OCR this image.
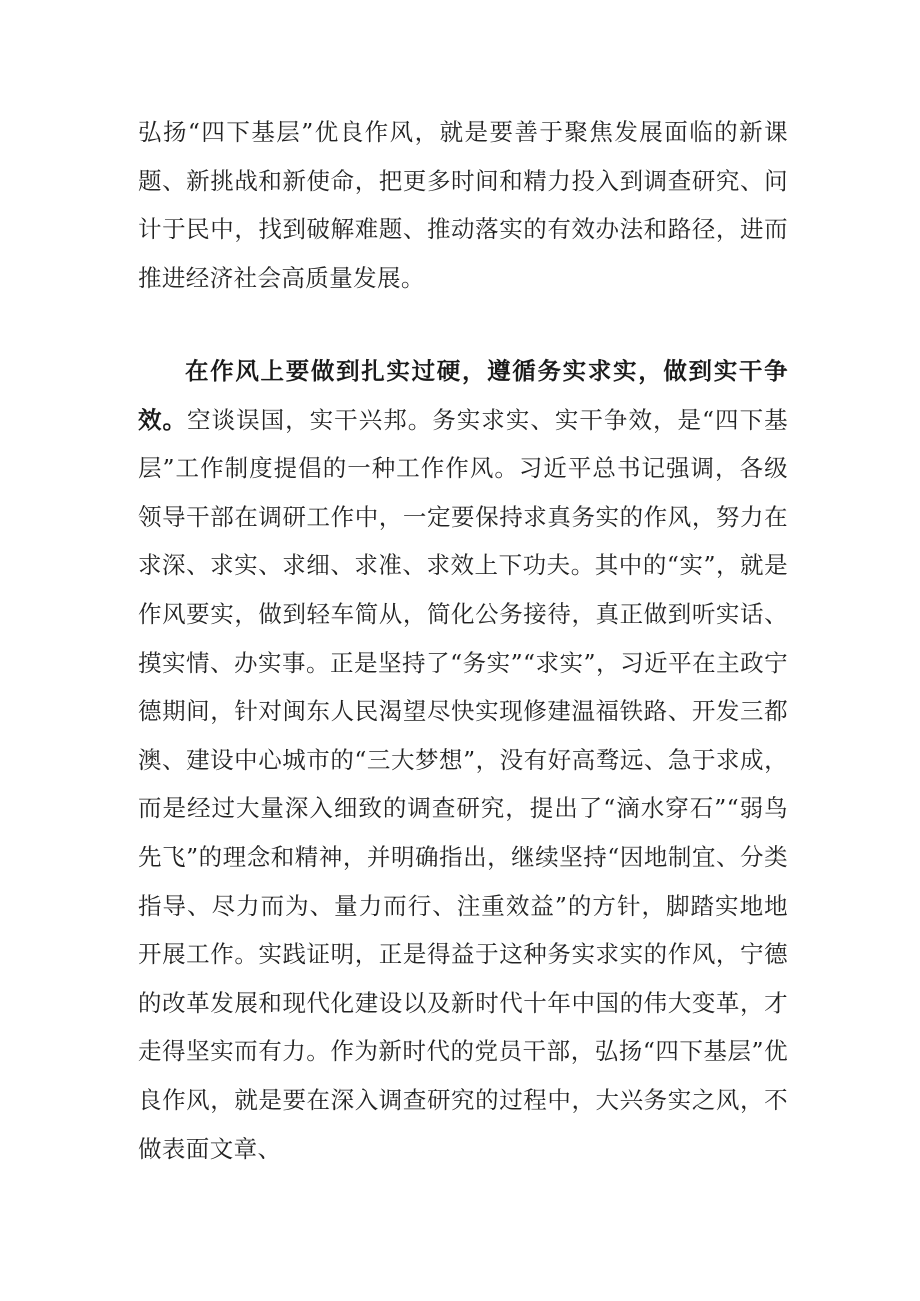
弘扬“四下基层”优良作风，就是要善于聚焦发展面临的新课题、新挑战和新使命，把更多时间和精力投入到调查研究、问计于民中，找到破解难题、推动落实的有效办法和路径，进而推进经济社会高质量发展。

在作风上要做到扎实过硬，遵循务实求实，做到实干争效。空谈误国，实干兴邦。务实求实、实干争效，是“四下基层”工作制度提倡的一种工作作风。习近平总书记强调，各级领导干部在调研工作中，一定要保持求真务实的作风，努力在求深、求实、求细、求准、求效上下功夫。其中的“实”，就是作风要实，做到轻车简从，简化公务接待，真正做到听实话、摸实情、办实事。正是坚持了“务实”“求实”，习近平在主政宁德期间，针对闽东人民渴望尽快实现修建温福铁路、开发三都澳、建设中心城市的“三大梦想”，没有好高骛远、急于求成，而是经过大量深入细致的调查研究，提出了“滴水穿石”“弱鸟先飞”的理念和精神，并明确指出，继续坚持“因地制宜、分类指导、尽力而为、量力而行、注重效益”的方针，脚踏实地地开展工作。实践证明，正是得益于这种务实求实的作风，宁德的改革发展和现代化建设以及新时代十年中国的伟大变革，才走得坚实而有力。作为新时代的党员干部，弘扬“四下基层”优良作风，就是要在深入调查研究的过程中，大兴务实之风，不做表面文章、
